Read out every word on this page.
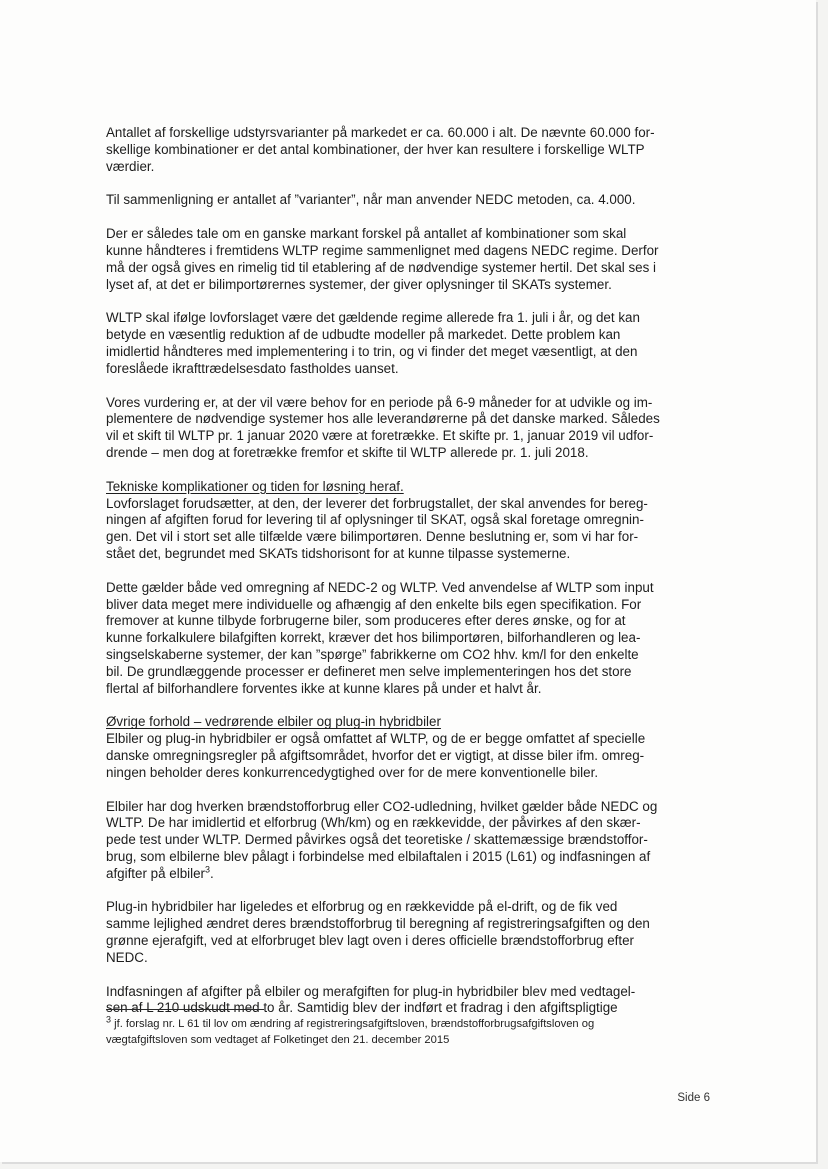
Antallet af forskellige udstyrsvarianter på markedet er ca. 60.000 i alt. De nævnte 60.000 for-
skellige kombinationer er det antal kombinationer, der hver kan resultere i forskellige WLTP
værdier.

Til sammenligning er antallet af ”varianter”, når man anvender NEDC metoden, ca. 4.000.

Der er således tale om en ganske markant forskel på antallet af kombinationer som skal
kunne håndteres i fremtidens WLTP regime sammenlignet med dagens NEDC regime. Derfor
må der også gives en rimelig tid til etablering af de nødvendige systemer hertil. Det skal ses i
lyset af, at det er bilimportørernes systemer, der giver oplysninger til SKATs systemer.

WLTP skal ifølge lovforslaget være det gældende regime allerede fra 1. juli i år, og det kan
betyde en væsentlig reduktion af de udbudte modeller på markedet. Dette problem kan
imidlertid håndteres med implementering i to trin, og vi finder det meget væsentligt, at den
foreslåede ikrafttrædelsesdato fastholdes uanset.

Vores vurdering er, at der vil være behov for en periode på 6-9 måneder for at udvikle og im-
plementere de nødvendige systemer hos alle leverandørerne på det danske marked. Således
vil et skift til WLTP pr. 1 januar 2020 være at foretrække. Et skifte pr. 1, januar 2019 vil udfor-
drende – men dog at foretrække fremfor et skifte til WLTP allerede pr. 1. juli 2018.

Tekniske komplikationer og tiden for løsning heraf.

Lovforslaget forudsætter, at den, der leverer det forbrugstallet, der skal anvendes for bereg-
ningen af afgiften forud for levering til af oplysninger til SKAT, også skal foretage omregnin-
gen. Det vil i stort set alle tilfælde være bilimportøren. Denne beslutning er, som vi har for-
stået det, begrundet med SKATs tidshorisont for at kunne tilpasse systemerne.

Dette gælder både ved omregning af NEDC-2 og WLTP. Ved anvendelse af WLTP som input
bliver data meget mere individuelle og afhængig af den enkelte bils egen specifikation. For
fremover at kunne tilbyde forbrugerne biler, som produceres efter deres ønske, og for at
kunne forkalkulere bilafgiften korrekt, kræver det hos bilimportøren, bilforhandleren og lea-
singselskaberne systemer, der kan ”spørge” fabrikkerne om CO2 hhv. km/l for den enkelte
bil. De grundlæggende processer er defineret men selve implementeringen hos det store
flertal af bilforhandlere forventes ikke at kunne klares på under et halvt år.

Øvrige forhold – vedrørende elbiler og plug-in hybridbiler

Elbiler og plug-in hybridbiler er også omfattet af WLTP, og de er begge omfattet af specielle
danske omregningsregler på afgiftsområdet, hvorfor det er vigtigt, at disse biler ifm. omreg-
ningen beholder deres konkurrencedygtighed over for de mere konventionelle biler.

Elbiler har dog hverken brændstofforbrug eller CO2-udledning, hvilket gælder både NEDC og
WLTP. De har imidlertid et elforbrug (Wh/km) og en rækkevidde, der påvirkes af den skær-
pede test under WLTP. Dermed påvirkes også det teoretiske / skattemæssige brændstoffor-
brug, som elbilerne blev pålagt i forbindelse med elbilaftalen i 2015 (L61) og indfasningen af
afgifter på elbiler$^3$.

Plug-in hybridbiler har ligeledes et elforbrug og en rækkevidde på el-drift, og de fik ved
samme lejlighed ændret deres brændstofforbrug til beregning af registreringsafgiften og den
grønne ejerafgift, ved at elforbruget blev lagt oven i deres officielle brændstofforbrug efter
NEDC.

Indfasningen af afgifter på elbiler og merafgiften for plug-in hybridbiler blev med vedtagel-
sen af L 210 udskudt med to år. Samtidig blev der indført et fradrag i den afgiftspligtige

$^3$ jf. forslag nr. L 61 til lov om ændring af registreringsafgiftsloven, brændstofforbrugsafgiftsloven og
vægtafgiftsloven som vedtaget af Folketinget den 21. december 2015
Side 6
